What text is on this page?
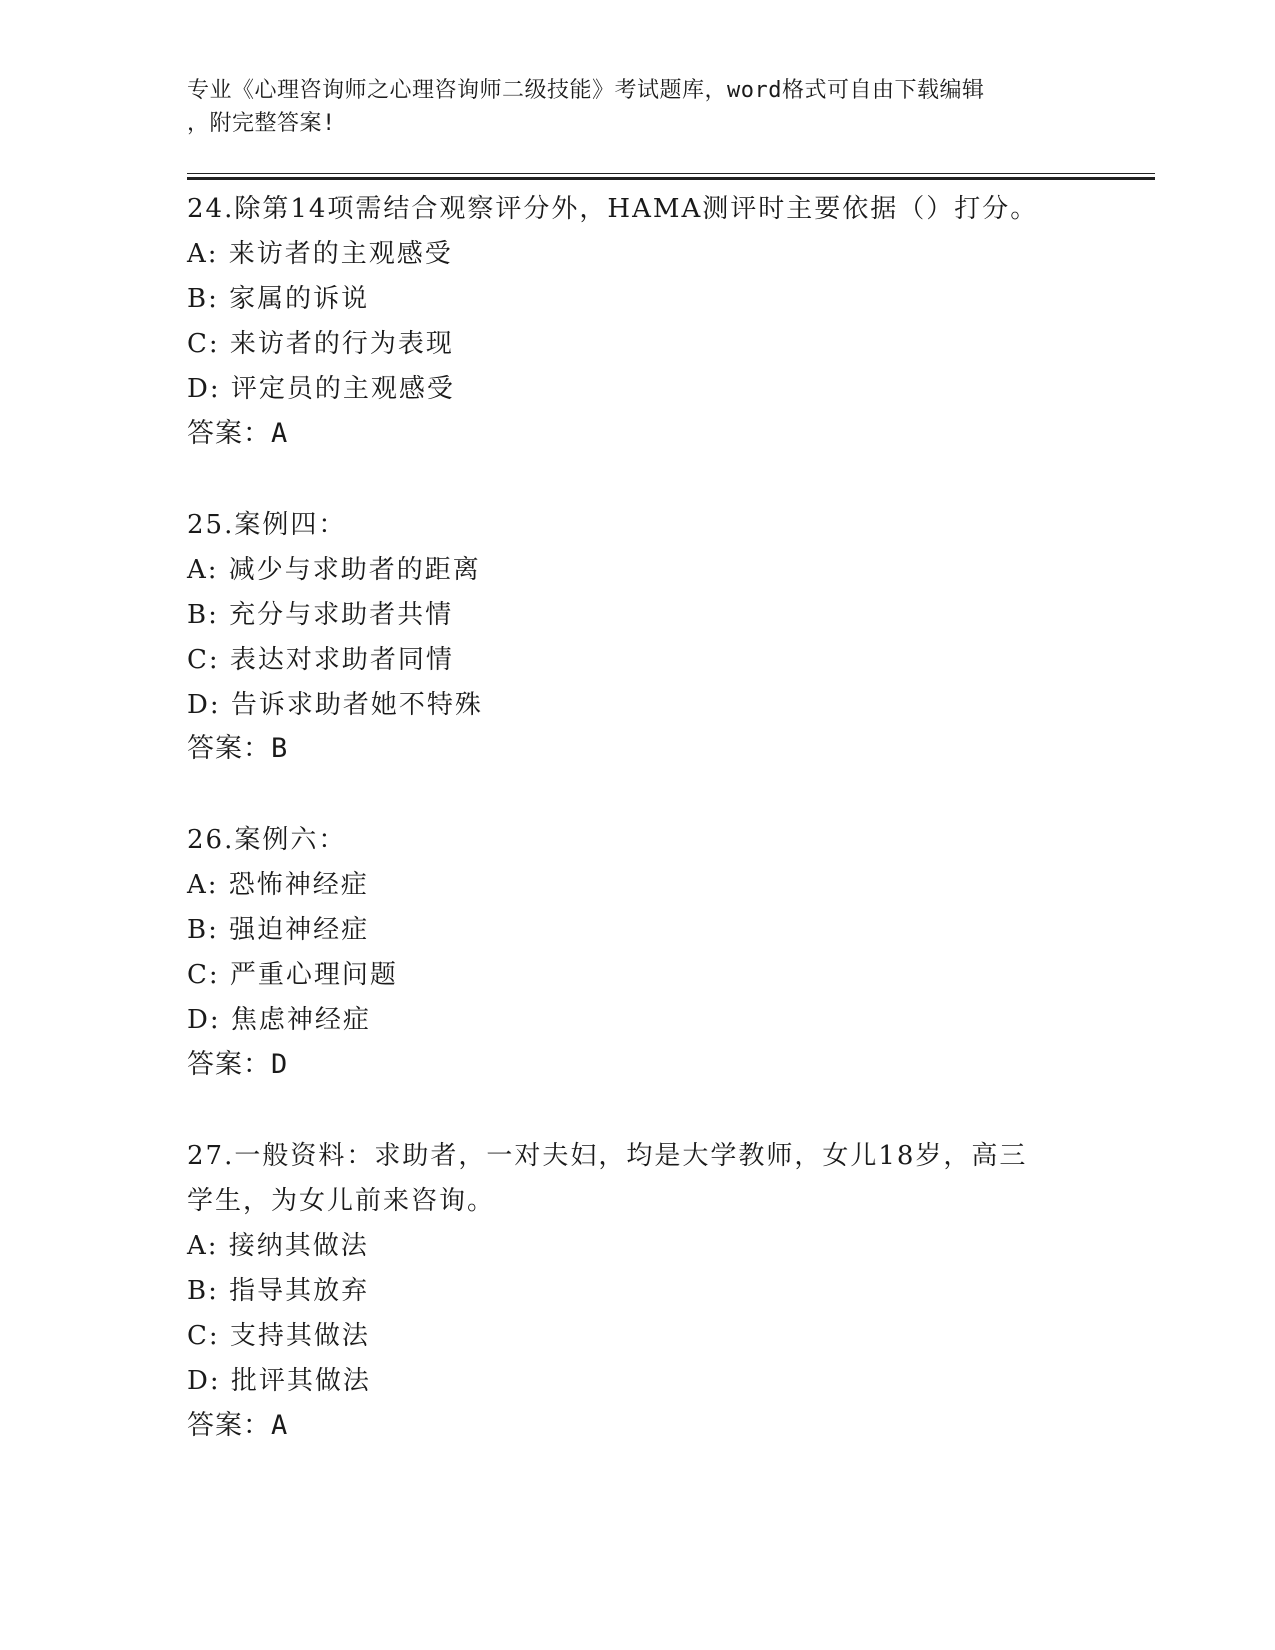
专业《心理咨询师之心理咨询师二级技能》考试题库，word格式可自由下载编辑
，附完整答案!
24.除第14项需结合观察评分外，HAMA测评时主要依据（）打分。
A: 来访者的主观感受
B: 家属的诉说
C: 来访者的行为表现
D: 评定员的主观感受
答案：A
25.案例四：
A: 减少与求助者的距离
B: 充分与求助者共情
C: 表达对求助者同情
D: 告诉求助者她不特殊
答案：B
26.案例六：
A: 恐怖神经症
B: 强迫神经症
C: 严重心理问题
D: 焦虑神经症
答案：D
27.一般资料：求助者，一对夫妇，均是大学教师，女儿18岁，高三
学生，为女儿前来咨询。
A: 接纳其做法
B: 指导其放弃
C: 支持其做法
D: 批评其做法
答案：A
